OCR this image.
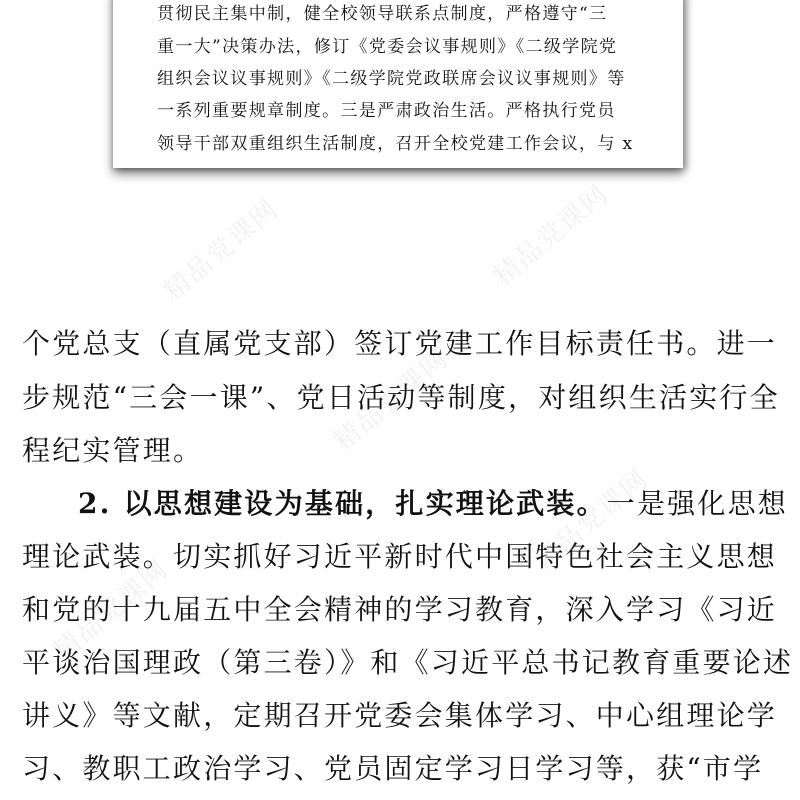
贯彻民主集中制，健全校领导联系点制度，严格遵守“三
重一大”决策办法，修订《党委会议事规则》《二级学院党
组织会议议事规则》《二级学院党政联席会议议事规则》等
一系列重要规章制度。三是严肃政治生活。严格执行党员
领导干部双重组织生活制度，召开全校党建工作会议，与 x
精品党课网	精品党课网
精品党课网
精品党课网
精品党课网
个党总支（直属党支部）签订党建工作目标责任书。进一
步规范“三会一课”、党日活动等制度，对组织生活实行全
程纪实管理。
2. 以思想建设为基础，扎实理论武装。一是强化思想
理论武装。切实抓好习近平新时代中国特色社会主义思想
和党的十九届五中全会精神的学习教育，深入学习《习近
平谈治国理政（第三卷）》和《习近平总书记教育重要论述
讲义》等文献，定期召开党委会集体学习、中心组理论学
习、教职工政治学习、党员固定学习日学习等，获“市学
